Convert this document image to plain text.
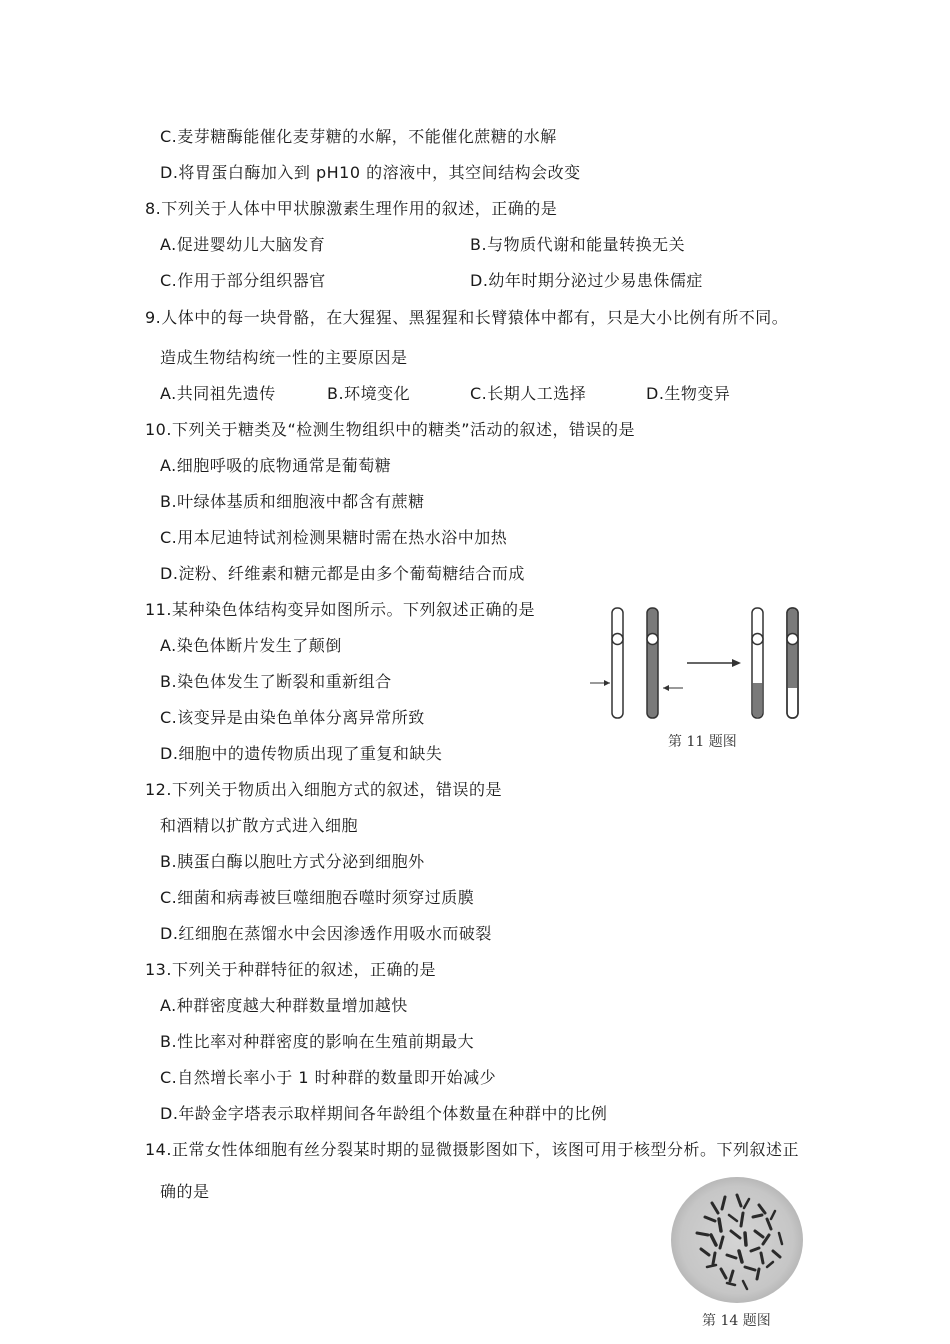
C.麦芽糖酶能催化麦芽糖的水解，不能催化蔗糖的水解
D.将胃蛋白酶加入到 pH10 的溶液中，其空间结构会改变
8.下列关于人体中甲状腺激素生理作用的叙述，正确的是
A.促进婴幼儿大脑发育	B.与物质代谢和能量转换无关
C.作用于部分组织器官	D.幼年时期分泌过少易患侏儒症
9.人体中的每一块骨骼，在大猩猩、黑猩猩和长臂猿体中都有，只是大小比例有所不同。
造成生物结构统一性的主要原因是
A.共同祖先遗传	B.环境变化	C.长期人工选择	D.生物变异
10.下列关于糖类及“检测生物组织中的糖类”活动的叙述，错误的是
A.细胞呼吸的底物通常是葡萄糖
B.叶绿体基质和细胞液中都含有蔗糖
C.用本尼迪特试剂检测果糖时需在热水浴中加热
D.淀粉、纤维素和糖元都是由多个葡萄糖结合而成
11.某种染色体结构变异如图所示。下列叙述正确的是
A.染色体断片发生了颠倒
B.染色体发生了断裂和重新组合
C.该变异是由染色单体分离异常所致
D.细胞中的遗传物质出现了重复和缺失
第 11 题图
12.下列关于物质出入细胞方式的叙述，错误的是
和酒精以扩散方式进入细胞
B.胰蛋白酶以胞吐方式分泌到细胞外
C.细菌和病毒被巨噬细胞吞噬时须穿过质膜
D.红细胞在蒸馏水中会因渗透作用吸水而破裂
13.下列关于种群特征的叙述，正确的是
A.种群密度越大种群数量增加越快
B.性比率对种群密度的影响在生殖前期最大
C.自然增长率小于 1 时种群的数量即开始减少
D.年龄金字塔表示取样期间各年龄组个体数量在种群中的比例
14.正常女性体细胞有丝分裂某时期的显微摄影图如下，该图可用于核型分析。下列叙述正
确的是
第 14 题图
